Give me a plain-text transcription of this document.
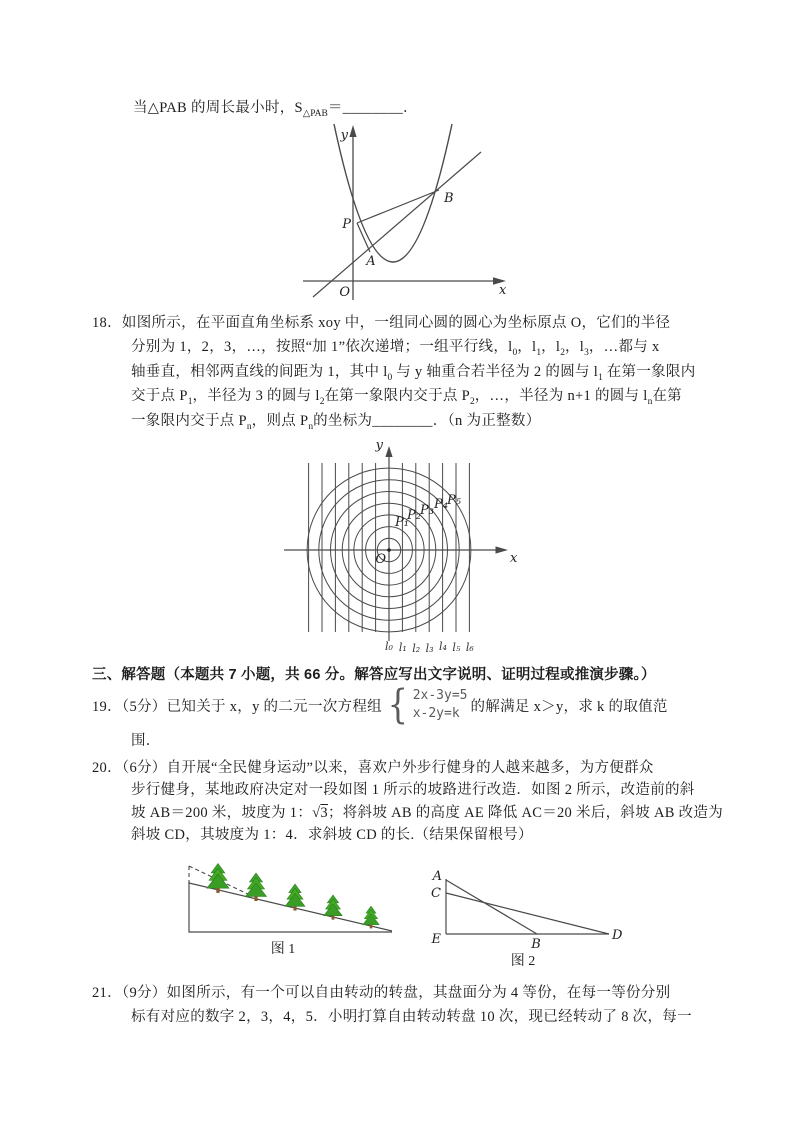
当△PAB 的周长最小时，$S_{\triangle PAB}=\_\_\_\_\_\_\_\_$．
y
x
O
P
A
B
18．如图所示，在平面直角坐标系 xoy 中，一组同心圆的圆心为坐标原点 O，它们的半径
分别为 1，2，3，…，按照“加 1”依次递增；一组平行线，$l_0$，$l_1$，$l_2$，$l_3$，…都与 x
轴垂直，相邻两直线的间距为 1，其中 $l_0$ 与 y 轴重合若半径为 2 的圆与 $l_1$ 在第一象限内
交于点 $P_1$，半径为 3 的圆与 $l_2$在第一象限内交于点 $P_2$，…，半径为 n+1 的圆与 $l_n$在第
一象限内交于点 $P_n$，则点 $P_n$的坐标为________．（n 为正整数）
y
x
O
P₁
P₂ P₃ P₄ P₅
l₀ l₁ l₂ l₃ l₄ l₅ l₆
三、解答题（本题共 7 小题，共 66 分。解答应写出文字说明、证明过程或推演步骤。）
19．（5分）已知关于 x，y 的二元一次方程组 { 2x-3y=5
x-2y=k 的解满足 x＞y，求 k 的取值范
围．
20．（6分）自开展“全民健身运动”以来，喜欢户外步行健身的人越来越多，为方便群众
步行健身，某地政府决定对一段如图 1 所示的坡路进行改造．如图 2 所示，改造前的斜
坡 AB＝200 米，坡度为 1：√3；将斜坡 AB 的高度 AE 降低 AC＝20 米后，斜坡 AB 改造为
斜坡 CD，其坡度为 1：4．求斜坡 CD 的长.（结果保留根号）
图 1
A
C
E	B
D
图 2
21．（9分）如图所示，有一个可以自由转动的转盘，其盘面分为 4 等份，在每一等份分别
标有对应的数字 2，3，4，5．小明打算自由转动转盘 10 次，现已经转动了 8 次，每一
